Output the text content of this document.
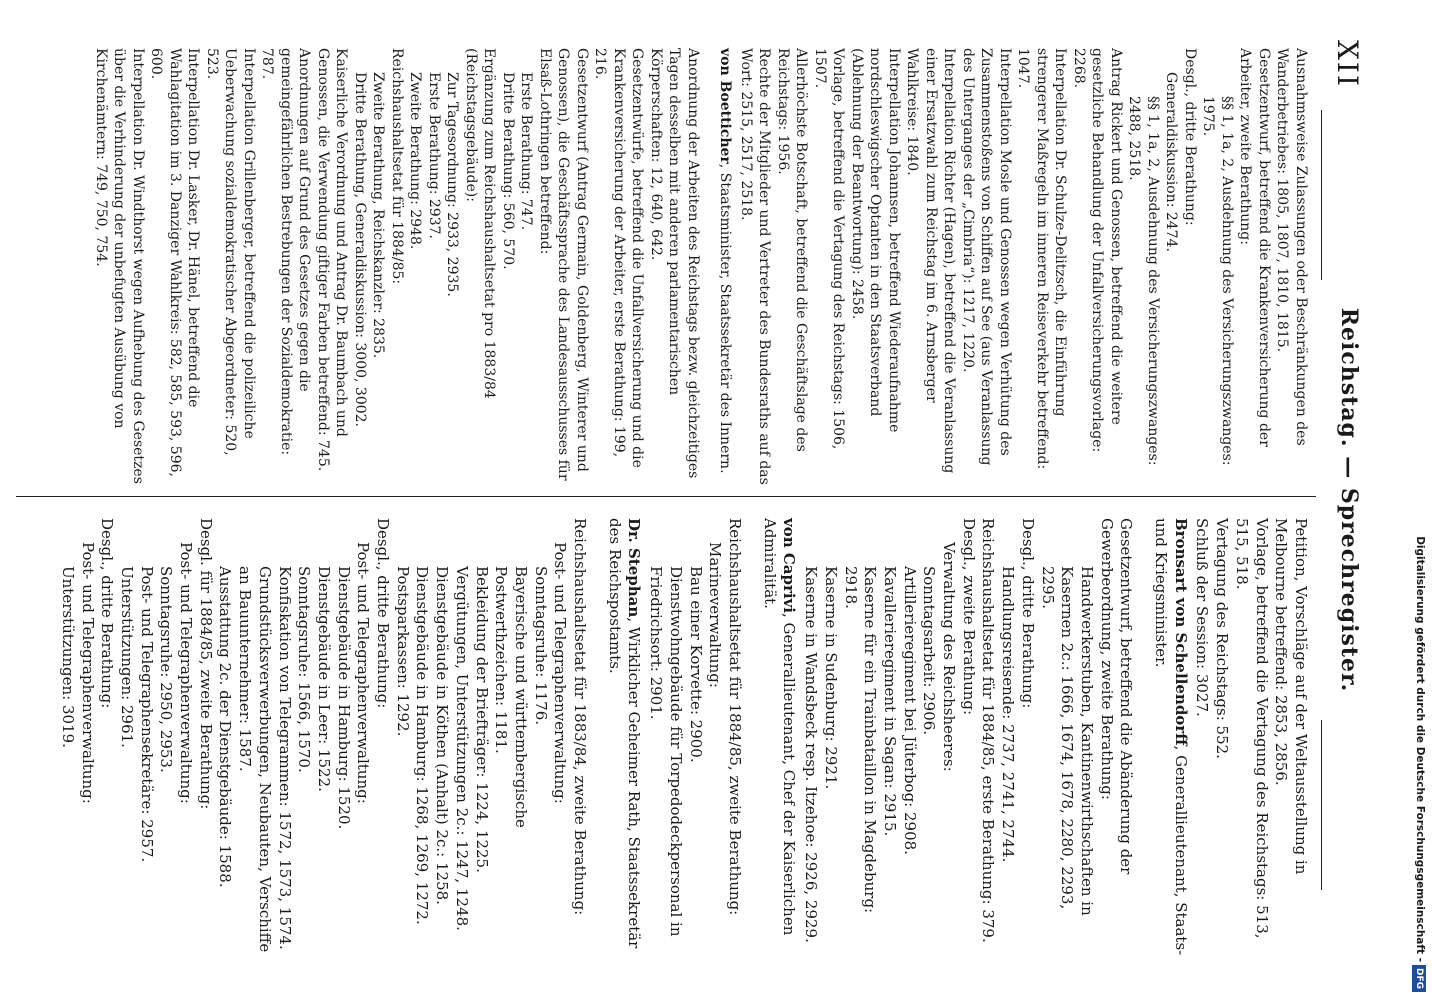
XII
Reichstag. — Sprechregister.

Ausnahmsweise Zulassungen oder Beschränkungen des Wanderbetriebes: 1805, 1807, 1810, 1815.

Gesetzentwurf, betreffend die Krankenversicherung der Arbeiter, zweite Berathung:

§§ 1, 1a, 2, Ausdehnung des Versicherungszwanges: 1975.

Desgl., dritte Berathung:

Generaldiskussion: 2474.

§§ 1, 1a, 2, Ausdehnung des Versicherungszwanges: 2488, 2518.

Antrag Rickert und Genossen, betreffend die weitere gesetzliche Behandlung der Unfallversicherungsvorlage: 2268.

Interpellation Dr. Schulze-Delitzsch, die Einführung strengerer Maßregeln im inneren Reiseverkehr betreffend: 1047.

Interpellation Mosle und Genossen wegen Verhütung des Zusammenstoßens von Schiffen auf See (aus Veranlassung des Unterganges der „Cimbria“): 1217, 1220.

Interpellation Richter (Hagen), betreffend die Veranlassung einer Ersatzwahl zum Reichstag im 6. Arnsberger Wahlkreise: 1840.

Interpellation Johannsen, betreffend Wiederaufnahme nordschleswigscher Optanten in den Staatsverband (Ablehnung der Beantwortung): 2458.

Vorlage, betreffend die Vertagung des Reichstags: 1506, 1507.

Allerhöchste Botschaft, betreffend die Geschäftslage des Reichstags: 1956.

Rechte der Mitglieder und Vertreter des Bundesraths auf das Wort: 2515, 2517, 2518.

von Boetticher, Staatsminister, Staatssekretär des Innern.

Anordnung der Arbeiten des Reichstags bezw. gleichzeitiges Tagen desselben mit anderen parlamentarischen Körperschaften: 12, 640, 642.

Gesetzentwürfe, betreffend die Unfallversicherung und die Krankenversicherung der Arbeiter, erste Berathung: 199, 216.

Gesetzentwurf (Antrag Germain, Goldenberg, Winterer und Genossen), die Geschäftssprache des Landesausschusses für Elsaß-Lothringen betreffend:

Erste Berathung: 747.

Dritte Berathung: 560, 570.

Ergänzung zum Reichshaushaltsetat pro 1883/84 (Reichstagsgebäude):

Zur Tagesordnung: 2933, 2935.

Erste Berathung: 2937.

Zweite Berathung: 2948.

Reichshaushaltsetat für 1884/85:

Zweite Berathung, Reichskanzler: 2835.

Dritte Berathung, Generaldiskussion: 3000, 3002.

Kaiserliche Verordnung und Antrag Dr. Baumbach und Genossen, die Verwendung giftiger Farben betreffend: 745.

Anordnungen auf Grund des Gesetzes gegen die gemeingefährlichen Bestrebungen der Sozialdemokratie: 787.

Interpellation Grillenberger, betreffend die polizeiliche Ueberwachung sozialdemokratischer Abgeordneter: 520, 523.

Interpellation Dr. Lasker, Dr. Hänel, betreffend die Wahlagitation im 3. Danziger Wahlkreis: 582, 585, 593, 596, 600.

Interpellation Dr. Windthorst wegen Aufhebung des Gesetzes über die Verhinderung der unbefugten Ausübung von Kirchenämtern: 749, 750, 754.

Petition, Vorschläge auf der Weltausstellung in Melbourne betreffend: 2853, 2856.

Vorlage, betreffend die Vertagung des Reichstags: 513, 515, 518.

Vertagung des Reichstags: 552.

Schluß der Session: 3027.

Bronsart von Schellendorff, Generallieutenant, Staats- und Kriegsminister.

Gesetzentwurf, betreffend die Abänderung der Gewerbeordnung, zweite Berathung:

Handwerkerstuben, Kantinenwirthschaften in Kasernen 2c.: 1666, 1674, 1678, 2280, 2293, 2295.

Desgl., dritte Berathung:

Handlungsreisende: 2737, 2741, 2744.

Reichshaushaltsetat für 1884/85, erste Berathung: 379.

Desgl., zweite Berathung:

Verwaltung des Reichsheeres:

Sonntagsarbeit: 2906.

Artillerieregiment bei Jüterbog: 2908.

Kavallerieregiment in Sagan: 2915.

Kaserne für ein Trainbataillon in Magdeburg: 2918.

Kaserne in Sudenburg: 2921.

Kaserne in Wandsbeck resp. Itzehoe: 2926, 2929.

von Caprivi, Generallieutenant, Chef der Kaiserlichen Admiralität.

Reichshaushaltsetat für 1884/85, zweite Berathung:

Marineverwaltung:

Bau einer Korvette: 2900.

Dienstwohngebäude für Torpedodeckpersonal in Friedrichsort: 2901.

Dr. Stephan, Wirklicher Geheimer Rath, Staatssekretär des Reichspostamts.

Reichshaushaltsetat für 1883/84, zweite Berathung:

Post- und Telegraphenverwaltung:

Sonntagsruhe: 1176.

Bayerische und württembergische Postwerthzeichen: 1181.

Bekleidung der Briefträger: 1224, 1225.

Vergütungen, Unterstützungen 2c.: 1247, 1248.

Dienstgebäude in Köthen (Anhalt) 2c.: 1258.

Dienstgebäude in Hamburg: 1268, 1269, 1272.

Postsparkassen: 1292.

Desgl., dritte Berathung:

Post- und Telegraphenverwaltung:

Dienstgebäude in Hamburg: 1520.

Dienstgebäude in Leer: 1522.

Sonntagsruhe: 1566, 1570.

Konfiskation von Telegrammen: 1572, 1573, 1574.

Grundstücksverwerbungen, Neubauten, Verschiffe an Bauunternehmer: 1587.

Ausstattung 2c. der Dienstgebäude: 1588.

Desgl. für 1884/85, zweite Berathung:

Post- und Telegraphenverwaltung:

Sonntagsruhe: 2950, 2953.

Post- und Telegraphensekretäre: 2957.

Unterstützungen: 2961.

Desgl., dritte Berathung:

Post- und Telegraphenverwaltung:

Unterstützungen: 3019.	Digitalisierung gefördert durch die Deutsche Forschungsgemeinschaft -DFG
